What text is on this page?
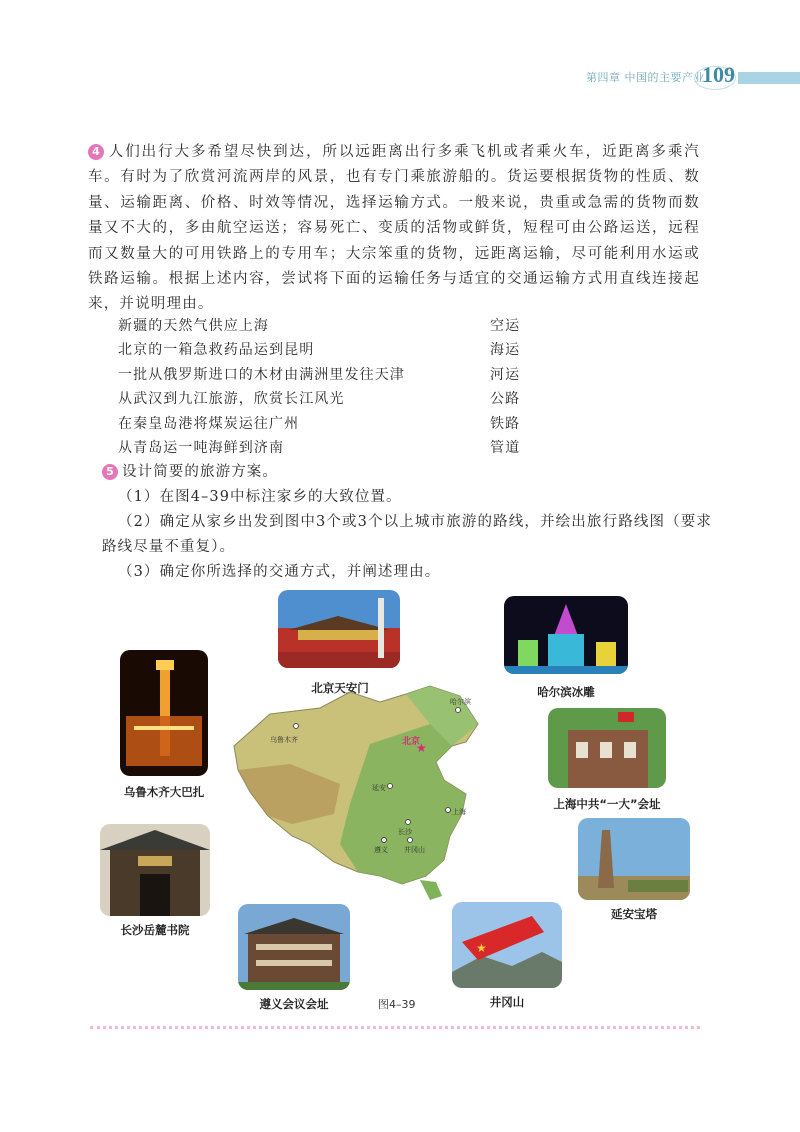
第四章 中国的主要产业
109

4 人们出行大多希望尽快到达，所以远距离出行多乘飞机或者乘火车，近距离多乘汽车。有时为了欣赏河流两岸的风景，也有专门乘旅游船的。货运要根据货物的性质、数量、运输距离、价格、时效等情况，选择运输方式。一般来说，贵重或急需的货物而数量又不大的，多由航空运送；容易死亡、变质的活物或鲜货，短程可由公路运送，远程而又数量大的可用铁路上的专用车；大宗笨重的货物，远距离运输，尽可能利用水运或铁路运输。根据上述内容，尝试将下面的运输任务与适宜的交通运输方式用直线连接起来，并说明理由。

新疆的天然气供应上海	空运
北京的一箱急救药品运到昆明	海运
一批从俄罗斯进口的木材由满洲里发往天津	河运
从武汉到九江旅游，欣赏长江风光	公路
在秦皇岛港将煤炭运往广州	铁路
从青岛运一吨海鲜到济南	管道

5 设计简要的旅游方案。

（1）在图4–39中标注家乡的大致位置。

（2）确定从家乡出发到图中3个或3个以上城市旅游的路线，并绘出旅行路线图（要求路线尽量不重复）。

（3）确定你所选择的交通方式，并阐述理由。

北京天安门	哈尔滨冰雕
乌鲁木齐大巴扎
上海中共“一大”会址
延安宝塔
长沙岳麓书院
遵义会议会址
★
井冈山
★
乌鲁木齐
哈尔滨
北京
延安
上海
长沙
遵义 井冈山
图4–39
